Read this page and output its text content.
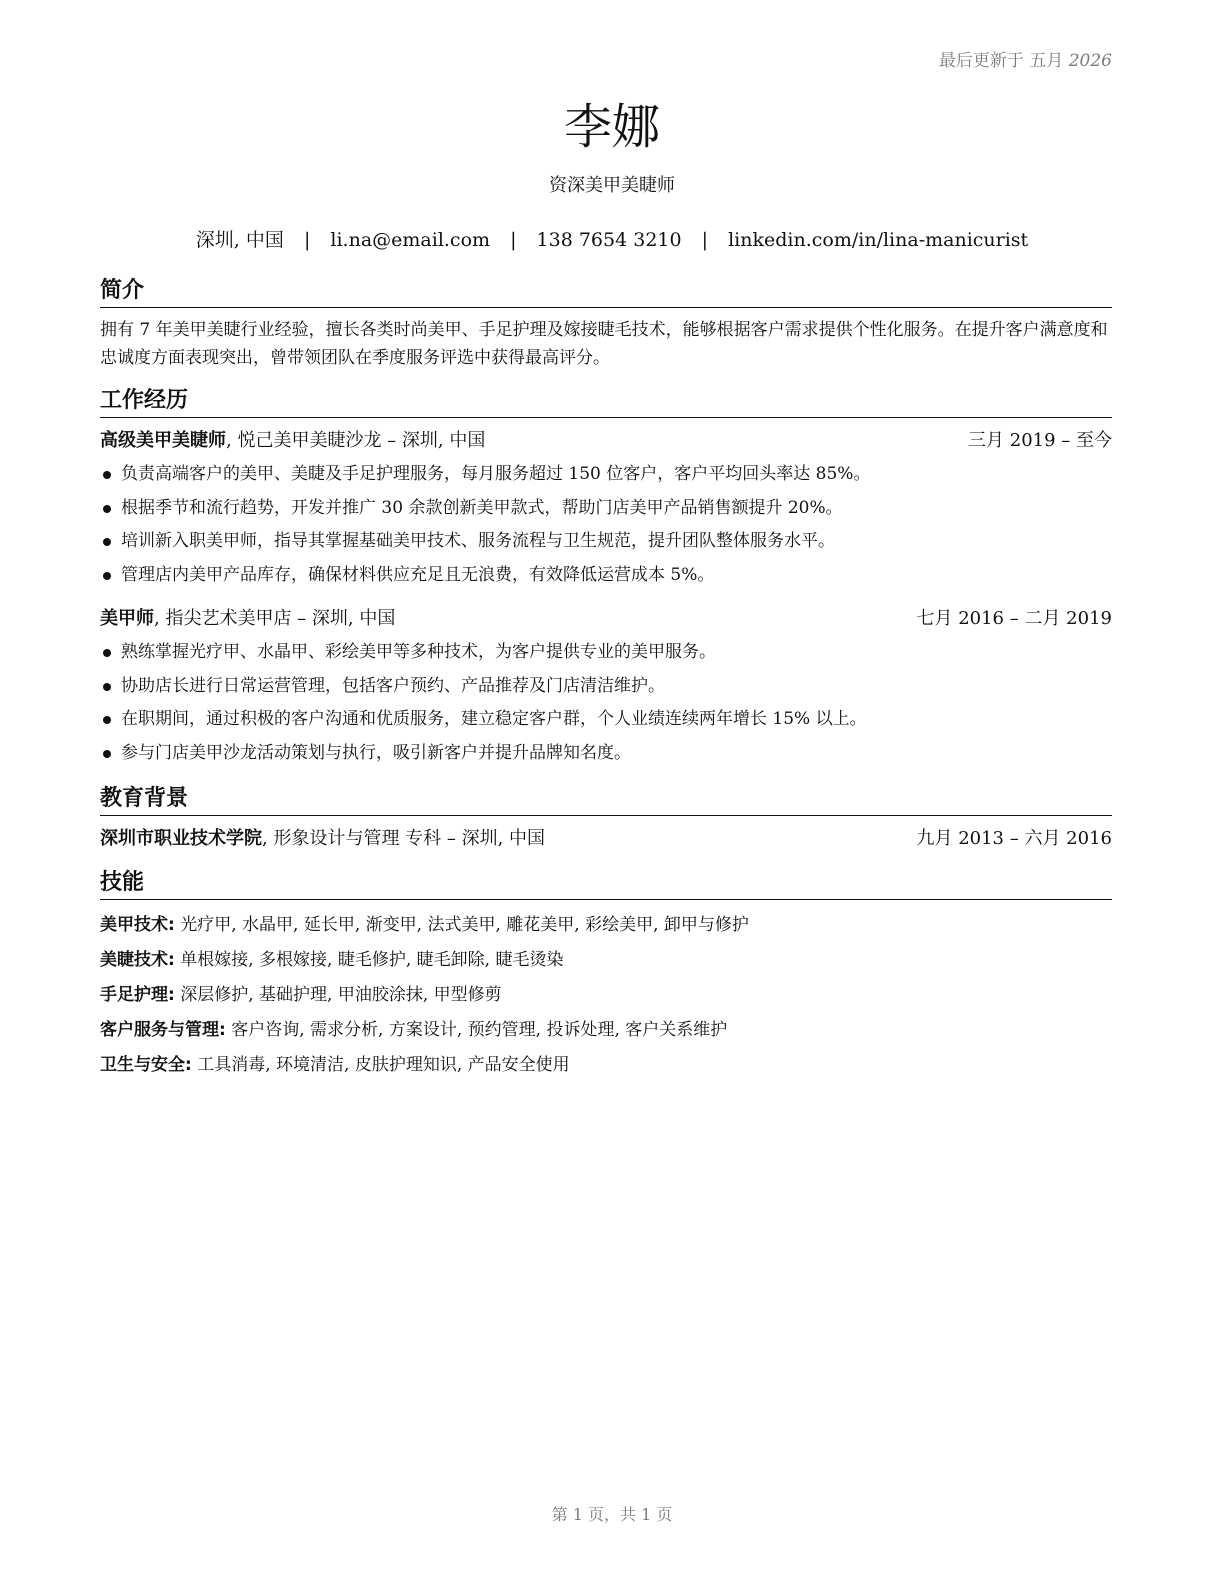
最后更新于 五月 2026
李娜
资深美甲美睫师
深圳, 中国 | li.na@email.com | 138 7654 3210 | linkedin.com/in/lina-manicurist
简介

拥有 7 年美甲美睫行业经验，擅长各类时尚美甲、手足护理及嫁接睫毛技术，能够根据客户需求提供个性化服务。在提升客户满意度和忠诚度方面表现突出，曾带领团队在季度服务评选中获得最高评分。

工作经历
高级美甲美睫师, 悦己美甲美睫沙龙 – 深圳, 中国	三月 2019 – 至今
负责高端客户的美甲、美睫及手足护理服务，每月服务超过 150 位客户，客户平均回头率达 85%。
根据季节和流行趋势，开发并推广 30 余款创新美甲款式，帮助门店美甲产品销售额提升 20%。
培训新入职美甲师，指导其掌握基础美甲技术、服务流程与卫生规范，提升团队整体服务水平。
管理店内美甲产品库存，确保材料供应充足且无浪费，有效降低运营成本 5%。
美甲师, 指尖艺术美甲店 – 深圳, 中国	七月 2016 – 二月 2019
熟练掌握光疗甲、水晶甲、彩绘美甲等多种技术，为客户提供专业的美甲服务。
协助店长进行日常运营管理，包括客户预约、产品推荐及门店清洁维护。
在职期间，通过积极的客户沟通和优质服务，建立稳定客户群，个人业绩连续两年增长 15% 以上。
参与门店美甲沙龙活动策划与执行，吸引新客户并提升品牌知名度。
教育背景
深圳市职业技术学院, 形象设计与管理 专科 – 深圳, 中国	九月 2013 – 六月 2016
技能
美甲技术: 光疗甲, 水晶甲, 延长甲, 渐变甲, 法式美甲, 雕花美甲, 彩绘美甲, 卸甲与修护
美睫技术: 单根嫁接, 多根嫁接, 睫毛修护, 睫毛卸除, 睫毛烫染
手足护理: 深层修护, 基础护理, 甲油胶涂抹, 甲型修剪
客户服务与管理: 客户咨询, 需求分析, 方案设计, 预约管理, 投诉处理, 客户关系维护
卫生与安全: 工具消毒, 环境清洁, 皮肤护理知识, 产品安全使用
第 1 页，共 1 页
